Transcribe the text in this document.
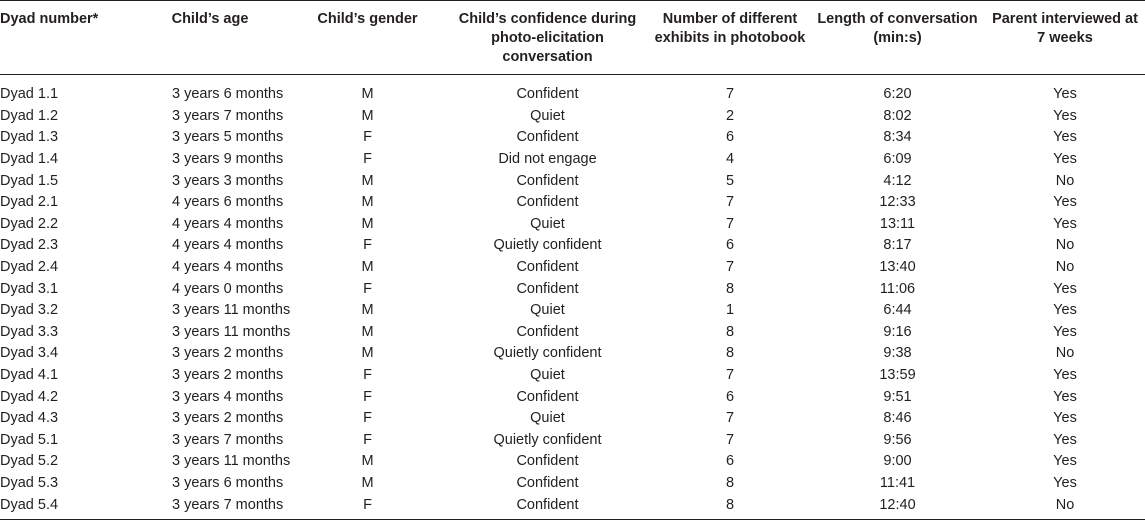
Dyad number*	Child’s age	Child’s gender	Child’s confidence during photo-elicitation conversation	Number of different exhibits in photobook	Length of conversation (min:s)	Parent interviewed at 7 weeks
Dyad 1.1	3 years 6 months	M	Confident	7	6:20	Yes
Dyad 1.2	3 years 7 months	M	Quiet	2	8:02	Yes
Dyad 1.3	3 years 5 months	F	Confident	6	8:34	Yes
Dyad 1.4	3 years 9 months	F	Did not engage	4	6:09	Yes
Dyad 1.5	3 years 3 months	M	Confident	5	4:12	No
Dyad 2.1	4 years 6 months	M	Confident	7	12:33	Yes
Dyad 2.2	4 years 4 months	M	Quiet	7	13:11	Yes
Dyad 2.3	4 years 4 months	F	Quietly confident	6	8:17	No
Dyad 2.4	4 years 4 months	M	Confident	7	13:40	No
Dyad 3.1	4 years 0 months	F	Confident	8	11:06	Yes
Dyad 3.2	3 years 11 months	M	Quiet	1	6:44	Yes
Dyad 3.3	3 years 11 months	M	Confident	8	9:16	Yes
Dyad 3.4	3 years 2 months	M	Quietly confident	8	9:38	No
Dyad 4.1	3 years 2 months	F	Quiet	7	13:59	Yes
Dyad 4.2	3 years 4 months	F	Confident	6	9:51	Yes
Dyad 4.3	3 years 2 months	F	Quiet	7	8:46	Yes
Dyad 5.1	3 years 7 months	F	Quietly confident	7	9:56	Yes
Dyad 5.2	3 years 11 months	M	Confident	6	9:00	Yes
Dyad 5.3	3 years 6 months	M	Confident	8	11:41	Yes
Dyad 5.4	3 years 7 months	F	Confident	8	12:40	No
